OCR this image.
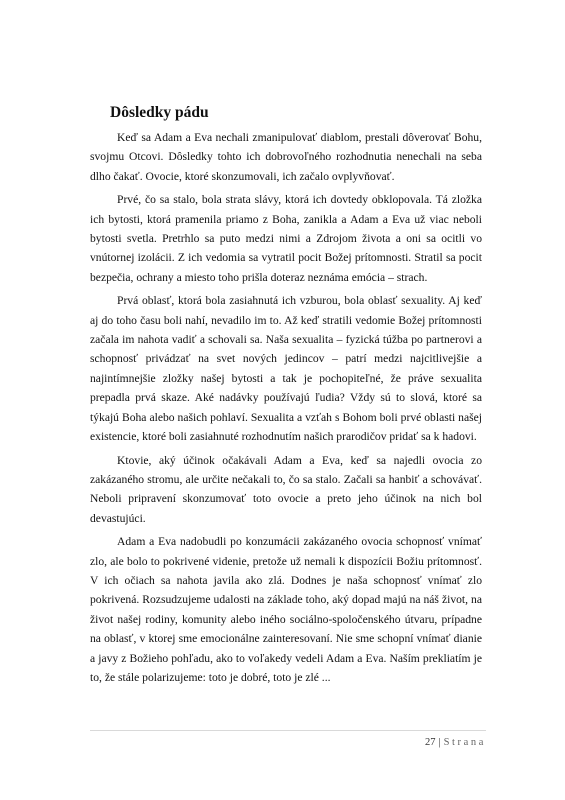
Dôsledky pádu

Keď sa Adam a Eva nechali zmanipulovať diablom, prestali dôverovať Bohu, svojmu Otcovi. Dôsledky tohto ich dobrovoľného rozhodnutia nenechali na seba dlho čakať. Ovocie, ktoré skonzumovali, ich začalo ovplyvňovať.

Prvé, čo sa stalo, bola strata slávy, ktorá ich dovtedy obklopovala. Tá zložka ich bytosti, ktorá pramenila priamo z Boha, zanikla a Adam a Eva už viac neboli bytosti svetla. Pretrhlo sa puto medzi nimi a Zdrojom života a oni sa ocitli vo vnútornej izolácii. Z ich vedomia sa vytratil pocit Božej prítomnosti. Stratil sa pocit bezpečia, ochrany a miesto toho prišla doteraz neznáma emócia – strach.

Prvá oblasť, ktorá bola zasiahnutá ich vzburou, bola oblasť sexuality. Aj keď aj do toho času boli nahí, nevadilo im to. Až keď stratili vedomie Božej prítomnosti začala im nahota vadiť a schovali sa. Naša sexualita – fyzická túžba po partnerovi a schopnosť privádzať na svet nových jedincov – patrí medzi najcitlivejšie a najintímnejšie zložky našej bytosti a tak je pochopiteľné, že práve sexualita prepadla prvá skaze. Aké nadávky používajú ľudia? Vždy sú to slová, ktoré sa týkajú Boha alebo našich pohlaví. Sexualita a vzťah s Bohom boli prvé oblasti našej existencie, ktoré boli zasiahnuté rozhodnutím našich prarodičov pridať sa k hadovi.

Ktovie, aký účinok očakávali Adam a Eva, keď sa najedli ovocia zo zakázaného stromu, ale určite nečakali to, čo sa stalo. Začali sa hanbiť a schovávať. Neboli pripravení skonzumovať toto ovocie a preto jeho účinok na nich bol devastujúci.

Adam a Eva nadobudli po konzumácii zakázaného ovocia schopnosť vnímať zlo, ale bolo to pokrivené videnie, pretože už nemali k dispozícii Božiu prítomnosť. V ich očiach sa nahota javila ako zlá. Dodnes je naša schopnosť vnímať zlo pokrivená. Rozsudzujeme udalosti na základe toho, aký dopad majú na náš život, na život našej rodiny, komunity alebo iného sociálno-spoločenského útvaru, prípadne na oblasť, v ktorej sme emocionálne zainteresovaní. Nie sme schopní vnímať dianie a javy z Božieho pohľadu, ako to voľakedy vedeli Adam a Eva. Naším prekliatím je to, že stále polarizujeme: toto je dobré, toto je zlé ...

27 | Strana
